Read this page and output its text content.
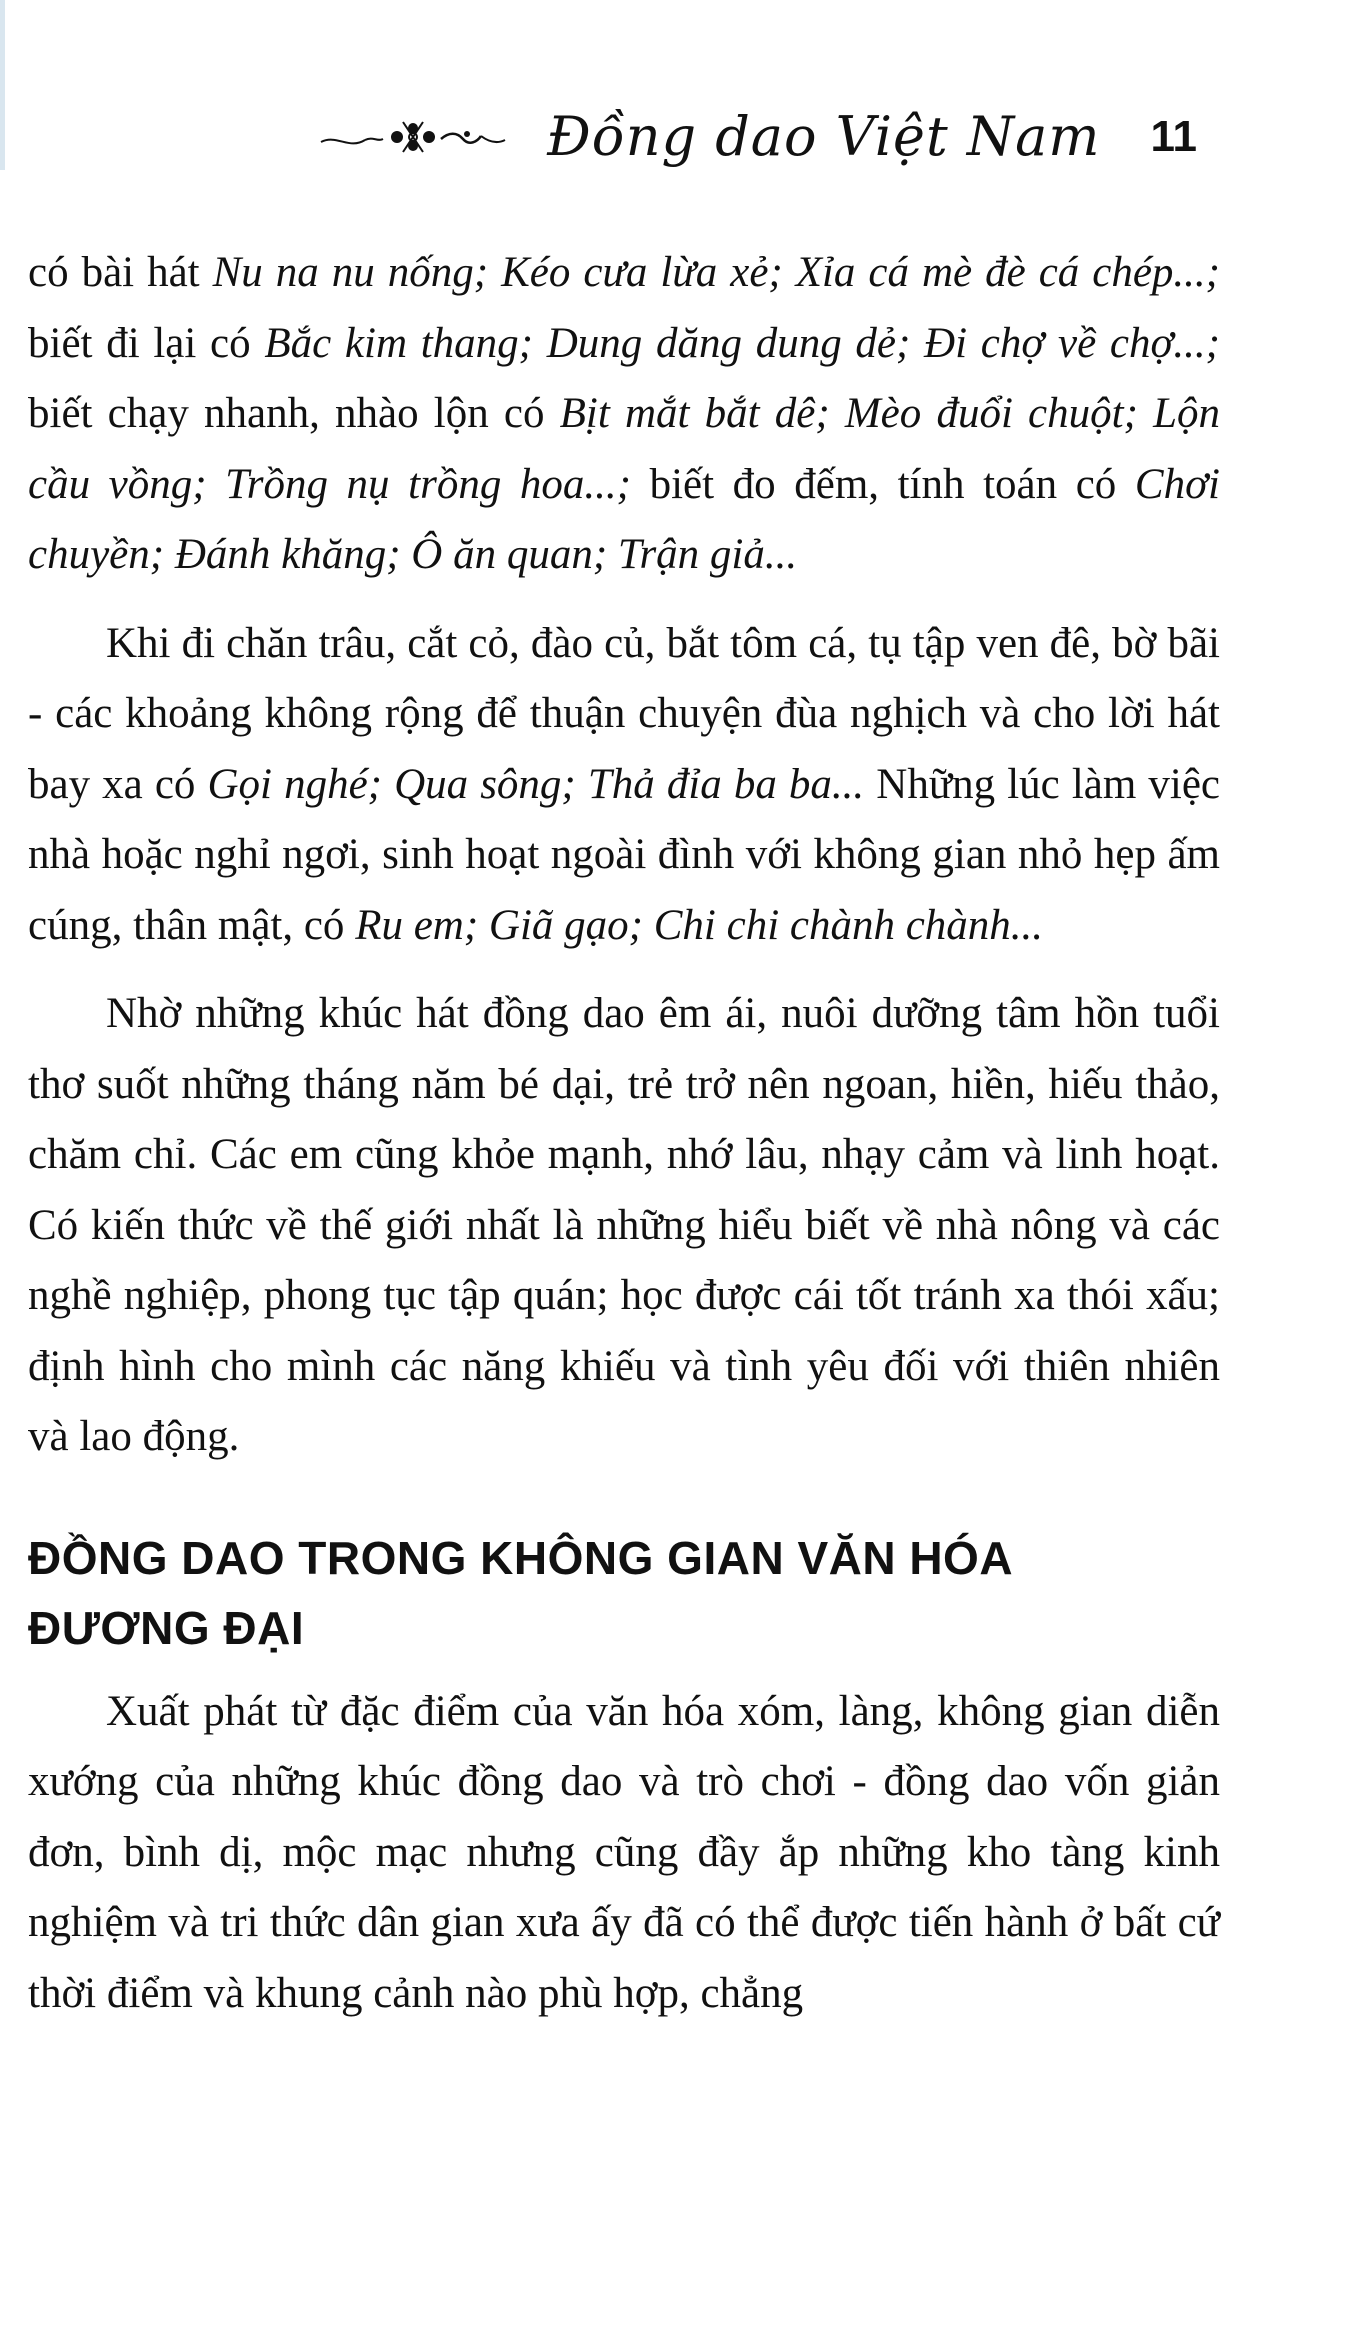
Đồng dao Việt Nam 11

có bài hát Nu na nu nống; Kéo cưa lừa xẻ; Xỉa cá mè đè cá chép...; biết đi lại có Bắc kim thang; Dung dăng dung dẻ; Đi chợ về chợ...; biết chạy nhanh, nhào lộn có Bịt mắt bắt dê; Mèo đuổi chuột; Lộn cầu vồng; Trồng nụ trồng hoa...; biết đo đếm, tính toán có Chơi chuyền; Đánh khăng; Ô ăn quan; Trận giả...

Khi đi chăn trâu, cắt cỏ, đào củ, bắt tôm cá, tụ tập ven đê, bờ bãi - các khoảng không rộng để thuận chuyện đùa nghịch và cho lời hát bay xa có Gọi nghé; Qua sông; Thả đỉa ba ba... Những lúc làm việc nhà hoặc nghỉ ngơi, sinh hoạt ngoài đình với không gian nhỏ hẹp ấm cúng, thân mật, có Ru em; Giã gạo; Chi chi chành chành...

Nhờ những khúc hát đồng dao êm ái, nuôi dưỡng tâm hồn tuổi thơ suốt những tháng năm bé dại, trẻ trở nên ngoan, hiền, hiếu thảo, chăm chỉ. Các em cũng khỏe mạnh, nhớ lâu, nhạy cảm và linh hoạt. Có kiến thức về thế giới nhất là những hiểu biết về nhà nông và các nghề nghiệp, phong tục tập quán; học được cái tốt tránh xa thói xấu; định hình cho mình các năng khiếu và tình yêu đối với thiên nhiên và lao động.

ĐỒNG DAO TRONG KHÔNG GIAN VĂN HÓA
ĐƯƠNG ĐẠI

Xuất phát từ đặc điểm của văn hóa xóm, làng, không gian diễn xướng của những khúc đồng dao và trò chơi - đồng dao vốn giản đơn, bình dị, mộc mạc nhưng cũng đầy ắp những kho tàng kinh nghiệm và tri thức dân gian xưa ấy đã có thể được tiến hành ở bất cứ thời điểm và khung cảnh nào phù hợp, chẳng
